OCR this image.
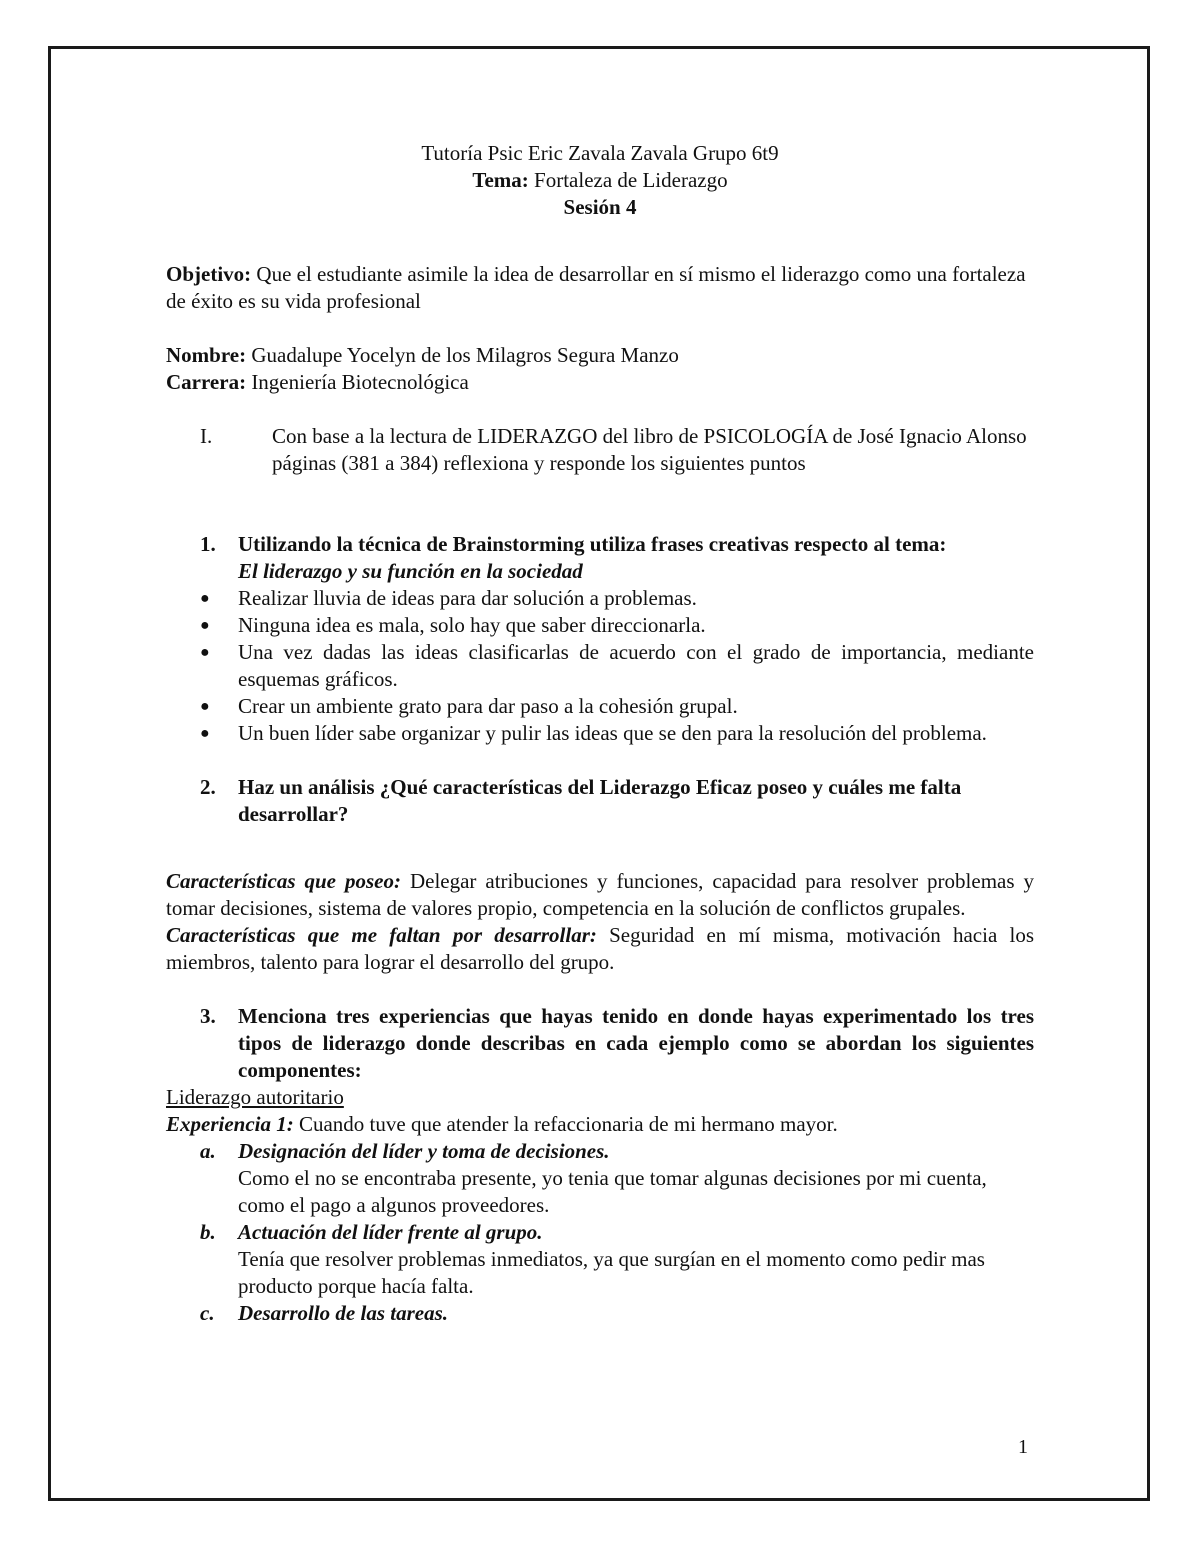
Tutoría Psic Eric Zavala Zavala Grupo 6t9
Tema: Fortaleza de Liderazgo
Sesión 4
Objetivo: Que el estudiante asimile la idea de desarrollar en sí mismo el liderazgo como una fortaleza de éxito es su vida profesional
Nombre: Guadalupe Yocelyn de los Milagros Segura Manzo
Carrera: Ingeniería Biotecnológica
I.	Con base a la lectura de LIDERAZGO del libro de PSICOLOGÍA de José Ignacio Alonso páginas (381 a 384) reflexiona y responde los siguientes puntos
1.	Utilizando la técnica de Brainstorming utiliza frases creativas respecto al tema:
El liderazgo y su función en la sociedad
●	Realizar lluvia de ideas para dar solución a problemas.
●	Ninguna idea es mala, solo hay que saber direccionarla.
●	Una vez dadas las ideas clasificarlas de acuerdo con el grado de importancia, mediante esquemas gráficos.
●	Crear un ambiente grato para dar paso a la cohesión grupal.
●	Un buen líder sabe organizar y pulir las ideas que se den para la resolución del problema.
2.	Haz un análisis ¿Qué características del Liderazgo Eficaz poseo y cuáles me falta desarrollar?
Características que poseo: Delegar atribuciones y funciones, capacidad para resolver problemas y tomar decisiones, sistema de valores propio, competencia en la solución de conflictos grupales.
Características que me faltan por desarrollar: Seguridad en mí misma, motivación hacia los miembros, talento para lograr el desarrollo del grupo.
3.	Menciona tres experiencias que hayas tenido en donde hayas experimentado los tres tipos de liderazgo donde describas en cada ejemplo como se abordan los siguientes componentes:
Liderazgo autoritario
Experiencia 1: Cuando tuve que atender la refaccionaria de mi hermano mayor.
a.	Designación del líder y toma de decisiones.
Como el no se encontraba presente, yo tenia que tomar algunas decisiones por mi cuenta, como el pago a algunos proveedores.
b.	Actuación del líder frente al grupo.
Tenía que resolver problemas inmediatos, ya que surgían en el momento como pedir mas producto porque hacía falta.
c.	Desarrollo de las tareas.
1
